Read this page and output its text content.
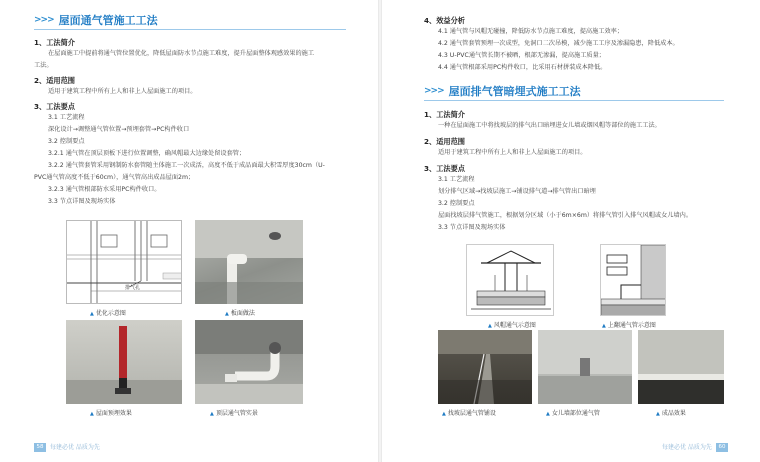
>>> 屋面通气管施工工法
1、工法简介
在屋面施工中提前将通气管位置优化，降低屋面防水节点施工难度，提升屋面整体观感效果的施工
工法。
2、适用范围
适用于建筑工程中所有上人和非上人屋面施工的项目。
3、工法要点
3.1 工艺流程
深化设计→调整通气管位置→预埋套管→PC构件收口
3.2 控制要点
3.2.1 通气管在顶层顶板下进行位置调整，确风帽最大边缘处留设套管；
3.2.2 通气管套管采用钢制防水套管随主体施工一次成活，高度不低于成品面最大积雪厚度30cm（U-
PVC通气管高度不低于60cm），通气管高出成品屋面2m；
3.2.3 通气管根部防水采用PC构件收口。
3.3 节点详图及现场实体
排气孔
▲ 优化示意图	▲ 板面做法
▲ 屋面预埋效果	▲ 顶层通气管实景
58	每建必优 品质为先
4、效益分析
4.1 通气管与风帽无碰撞，降低防水节点施工难度，提高施工效率；
4.2 通气管套管预埋一次成型，免洞口二次吊模，减少施工工序及渗漏隐患，降低成本。
4.3 U-PVC通气管长期不被晒，根部无渗漏，提高施工质量；
4.4 通气管根部采用PC构件收口，比采用石材拼装成本降低。
>>> 屋面排气管暗埋式施工工法
1、工法简介
一种在屋面施工中将找坡层的排气出口暗埋进女儿墙或烟风帽等部位的施工工法。
2、适用范围
适用于建筑工程中所有上人和非上人屋面施工的项目。
3、工法要点
3.1 工艺流程
划分排气区域→找坡层施工→铺设排气道→排气管出口暗埋
3.2 控制要点
屋面找坡层排气管施工，根据划分区域（小于6m×6m）将排气管引入排气风帽或女儿墙内。
3.3 节点详图及现场实体
▲ 风帽通气示意图	▲ 上翻通气管示意图
▲ 找坡层通气管铺设	▲ 女儿墙部位通气管	▲ 成品效果
每建必优 品质为先	60
